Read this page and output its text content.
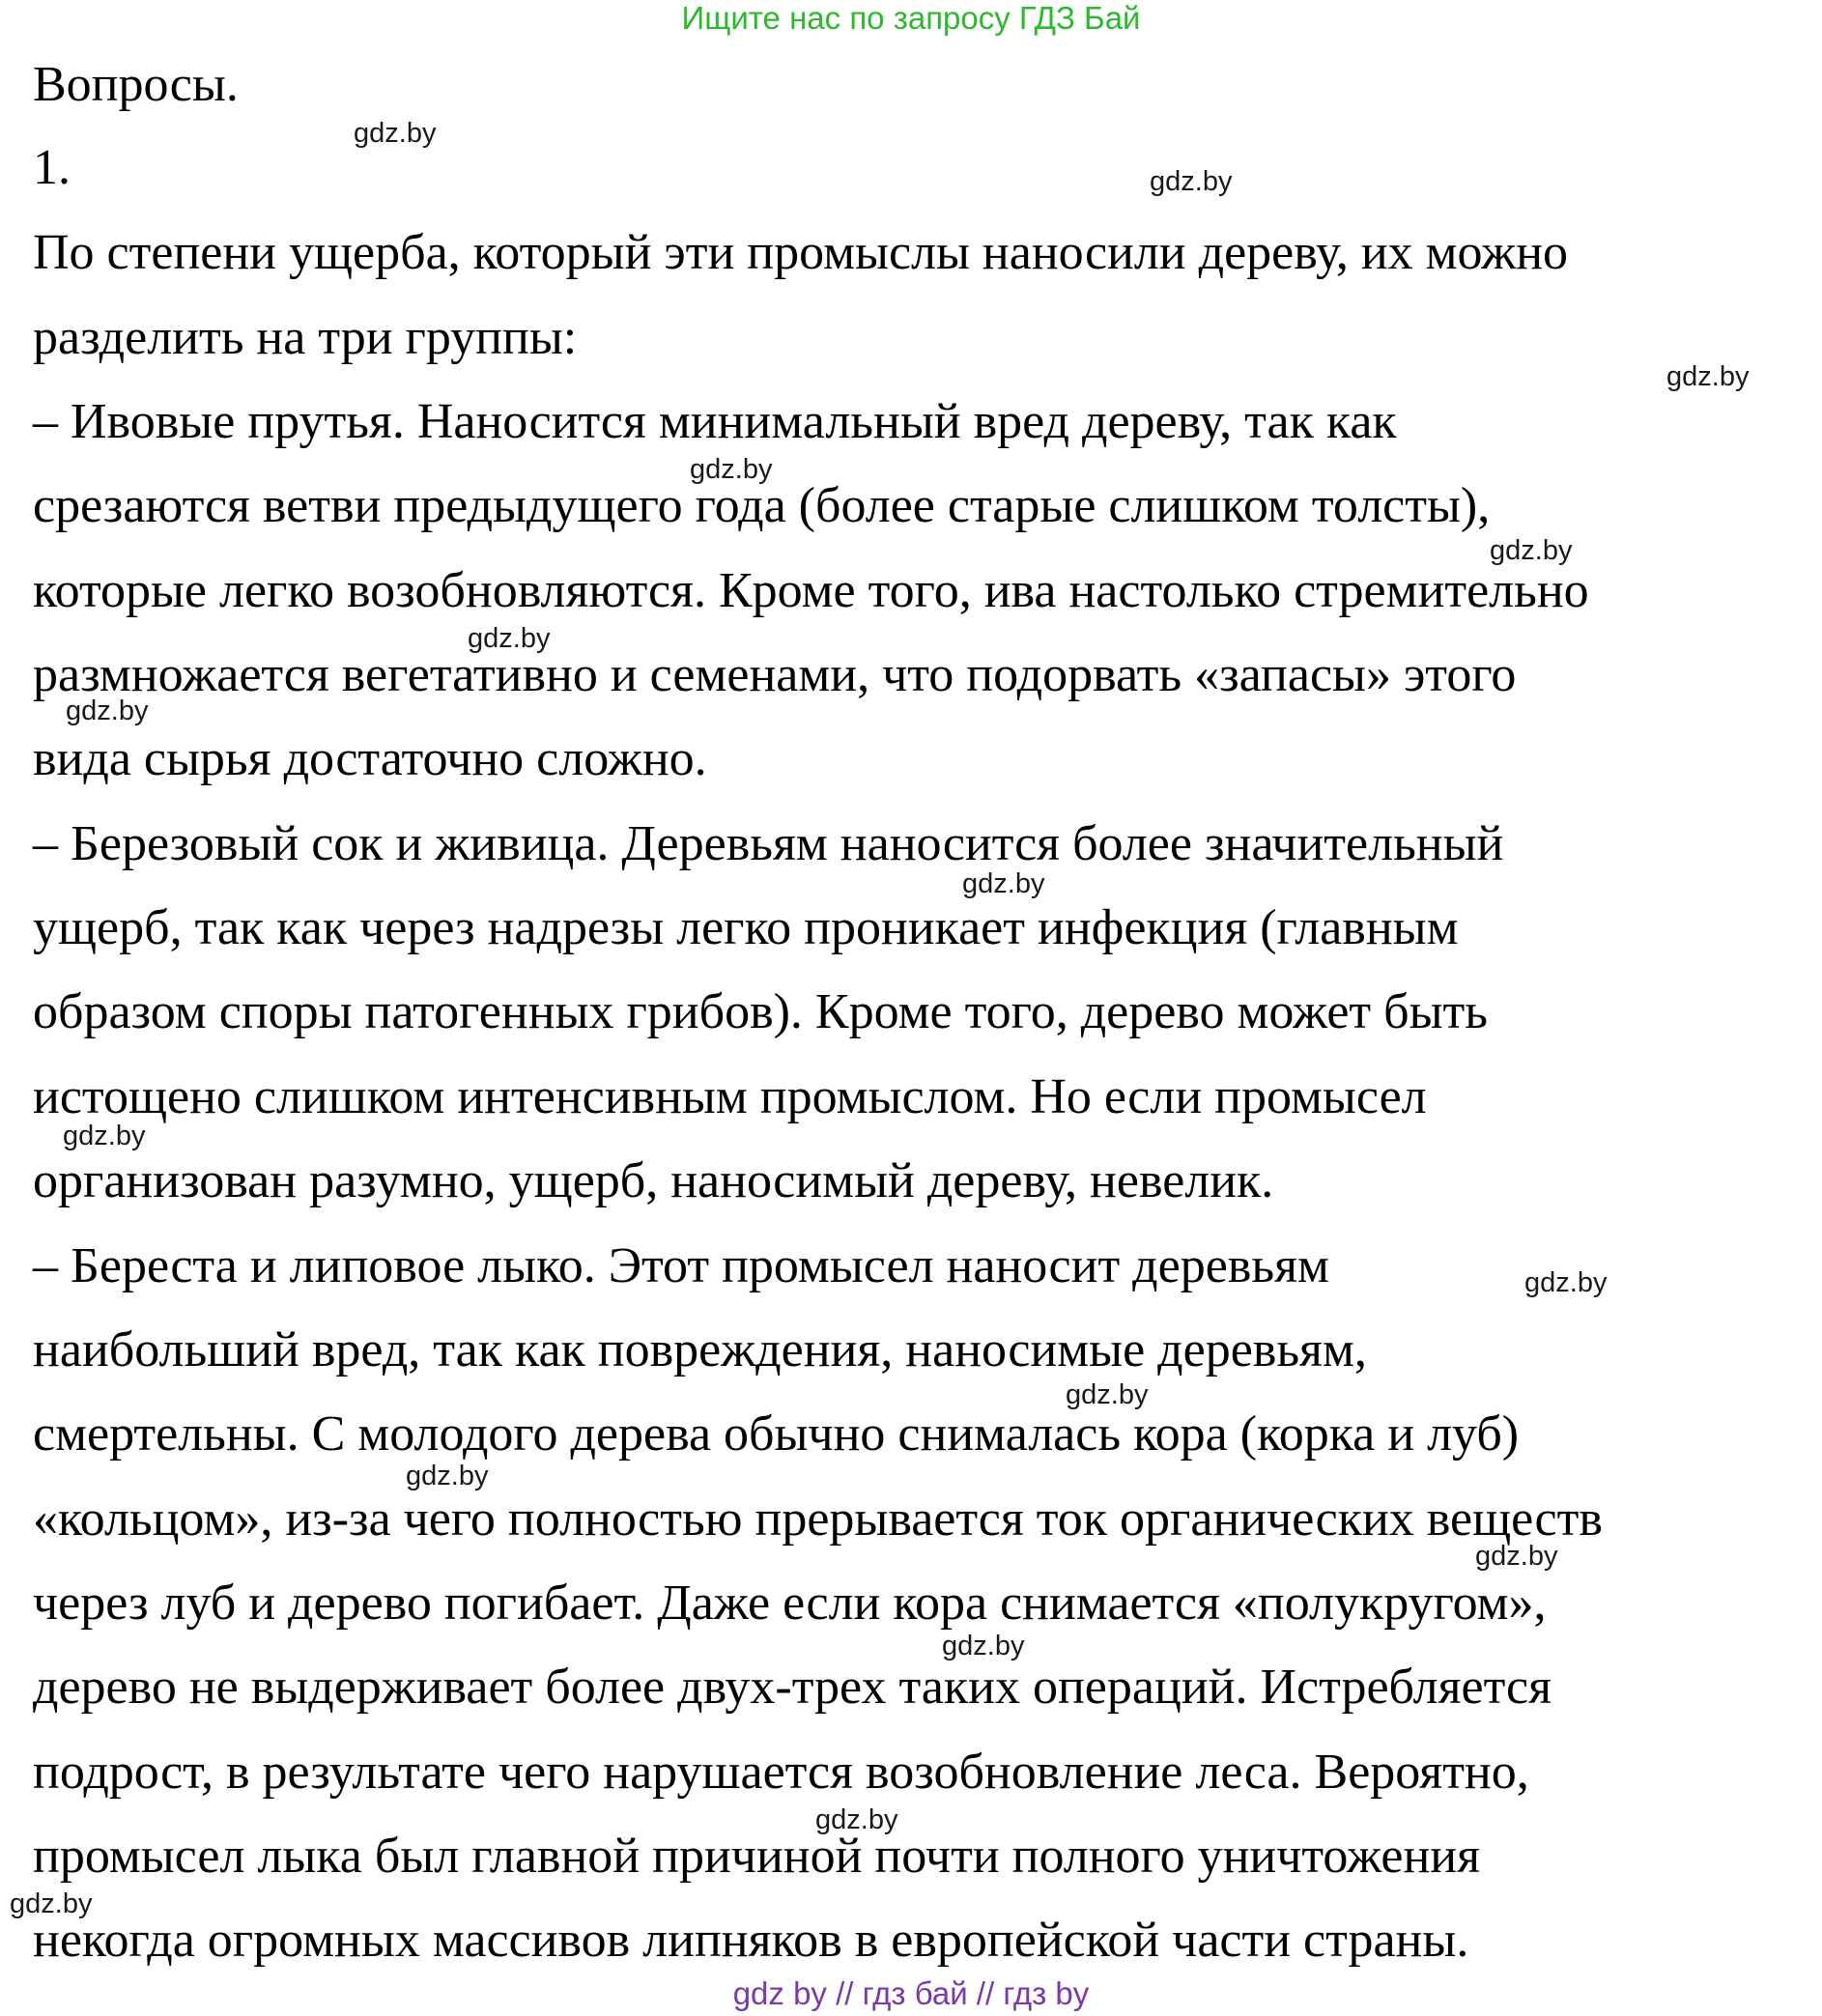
Ищите нас по запросу ГДЗ Бай
Вопросы.
1.
По степени ущерба, который эти промыслы наносили дереву, их можно
разделить на три группы:
– Ивовые прутья. Наносится минимальный вред дереву, так как
срезаются ветви предыдущего года (более старые слишком толсты),
которые легко возобновляются. Кроме того, ива настолько стремительно
размножается вегетативно и семенами, что подорвать «запасы» этого
вида сырья достаточно сложно.
– Березовый сок и живица. Деревьям наносится более значительный
ущерб, так как через надрезы легко проникает инфекция (главным
образом споры патогенных грибов). Кроме того, дерево может быть
истощено слишком интенсивным промыслом. Но если промысел
организован разумно, ущерб, наносимый дереву, невелик.
– Береста и липовое лыко. Этот промысел наносит деревьям
наибольший вред, так как повреждения, наносимые деревьям,
смертельны. С молодого дерева обычно снималась кора (корка и луб)
«кольцом», из-за чего полностью прерывается ток органических веществ
через луб и дерево погибает. Даже если кора снимается «полукругом»,
дерево не выдерживает более двух-трех таких операций. Истребляется
подрост, в результате чего нарушается возобновление леса. Вероятно,
промысел лыка был главной причиной почти полного уничтожения
некогда огромных массивов липняков в европейской части страны.
gdz.by
gdz.by
gdz.by
gdz.by
gdz.by
gdz.by
gdz.by
gdz.by
gdz.by
gdz.by
gdz.by
gdz.by
gdz.by
gdz.by
gdz.by
gdz.by
gdz by // гдз бай // гдз by
